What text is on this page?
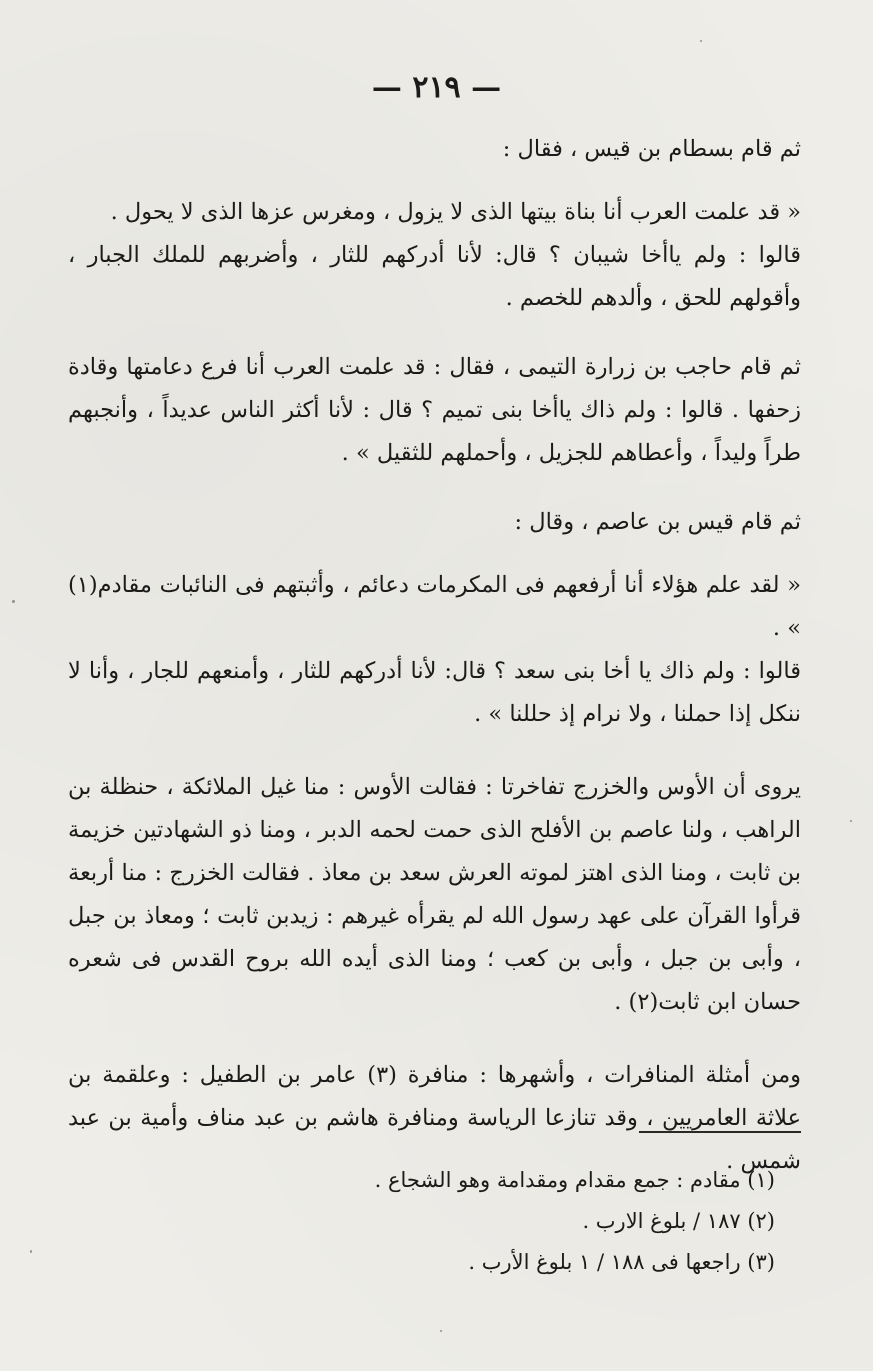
— ٢١٩ —

ثم قام بسطام بن قيس ، فقال :

« قد علمت العرب أنا بناة بيتها الذى لا يزول ، ومغرس عزها الذى لا يحول .

قالوا : ولم ياأخا شيبان ؟ قال: لأنا أدركهم للثار ، وأضربهم للملك الجبار ، وأقولهم للحق ، وألدهم للخصم .

ثم قام حاجب بن زرارة التيمى ، فقال : قد علمت العرب أنا فرع دعامتها وقادة زحفها . قالوا : ولم ذاك ياأخا بنى تميم ؟ قال : لأنا أكثر الناس عديداً ، وأنجبهم طراً وليداً ، وأعطاهم للجزيل ، وأحملهم للثقيل » .

ثم قام قيس بن عاصم ، وقال :

« لقد علم هؤلاء أنا أرفعهم فى المكرمات دعائم ، وأثبتهم فى النائبات مقادم(١) » .

قالوا : ولم ذاك يا أخا بنى سعد ؟ قال: لأنا أدركهم للثار ، وأمنعهم للجار ، وأنا لا ننكل إذا حملنا ، ولا نرام إذ حللنا » .

يروى أن الأوس والخزرج تفاخرتا : فقالت الأوس : منا غيل الملائكة ، حنظلة بن الراهب ، ولنا عاصم بن الأفلح الذى حمت لحمه الدبر ، ومنا ذو الشهادتين خزيمة بن ثابت ، ومنا الذى اهتز لموته العرش سعد بن معاذ . فقالت الخزرج : منا أربعة قرأوا القرآن على عهد رسول الله لم يقرأه غيرهم : زيدبن ثابت ؛ ومعاذ بن جبل ، وأبى بن جبل ، وأبى بن كعب ؛ ومنا الذى أيده الله بروح القدس فى شعره حسان ابن ثابت(٢) .

ومن أمثلة المنافرات ، وأشهرها : منافرة (٣) عامر بن الطفيل : وعلقمة بن علاثة العامريين ، وقد تنازعا الرياسة ومنافرة هاشم بن عبد مناف وأمية بن عبد شمس .

(١) مقادم : جمع مقدام ومقدامة وهو الشجاع .

(٢) ١٨٧ / بلوغ الارب .

(٣) راجعها فى ١٨٨ / ١ بلوغ الأرب .
